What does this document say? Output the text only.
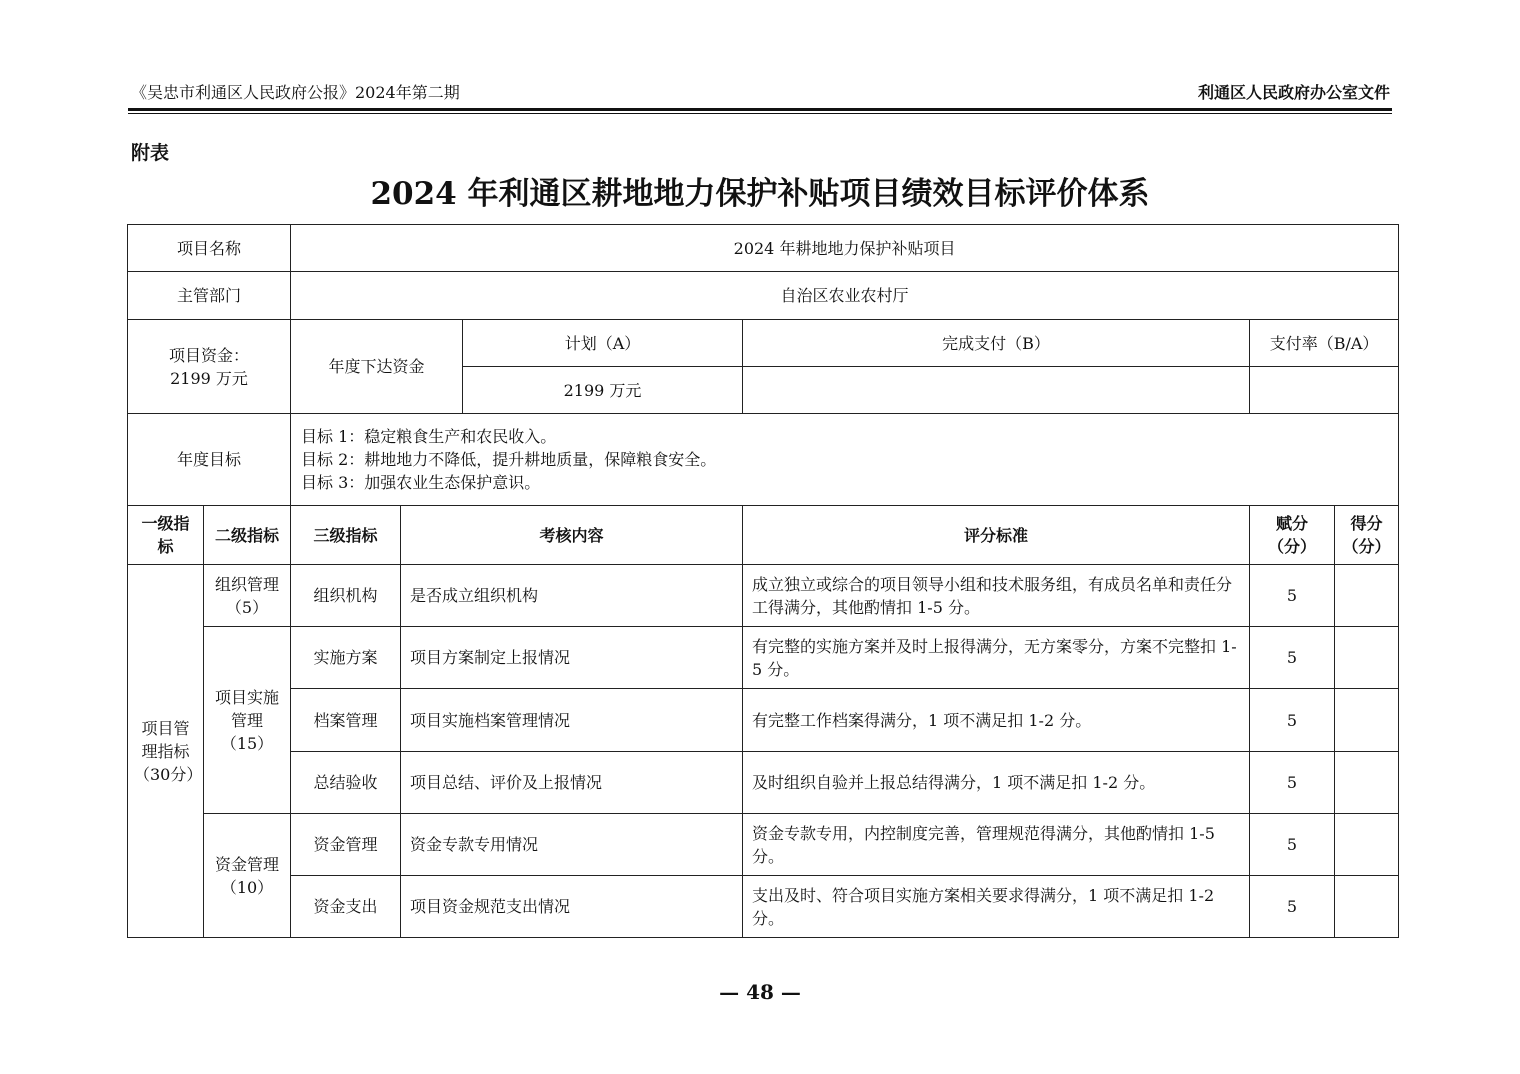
《吴忠市利通区人民政府公报》2024年第二期	利通区人民政府办公室文件
附表
2024 年利通区耕地地力保护补贴项目绩效目标评价体系
项目名称		2024 年耕地地力保护补贴项目					
主管部门		自治区农业农村厅					

项目资金：
2199 万元		年度下达资金		计划（A）	完成支付（B）	支付率（B/A）	
				2199 万元			
年度目标		目标 1：稳定粮食生产和农民收入。
目标 2：耕地地力不降低，提升耕地质量，保障粮食安全。
目标 3：加强农业生态保护意识。					

一级指标	二级指标	三级指标	考核内容		评分标准	赋分（分）	得分（分）
项目管理指标（30分）	组织管理（5）	组织机构	是否成立组织机构		成立独立或综合的项目领导小组和技术服务组，有成员名单和责任分工得满分，其他酌情扣 1-5 分。	5	
	项目实施管理（15）	实施方案	项目方案制定上报情况		有完整的实施方案并及时上报得满分，无方案零分，方案不完整扣 1-5 分。	5	
		档案管理	项目实施档案管理情况		有完整工作档案得满分，1 项不满足扣 1-2 分。	5	
		总结验收	项目总结、评价及上报情况		及时组织自验并上报总结得满分，1 项不满足扣 1-2 分。	5	
	资金管理（10）	资金管理	资金专款专用情况		资金专款专用，内控制度完善，管理规范得满分，其他酌情扣 1-5 分。	5	
		资金支出	项目资金规范支出情况		支出及时、符合项目实施方案相关要求得满分，1 项不满足扣 1-2 分。	5	
— 48 —
